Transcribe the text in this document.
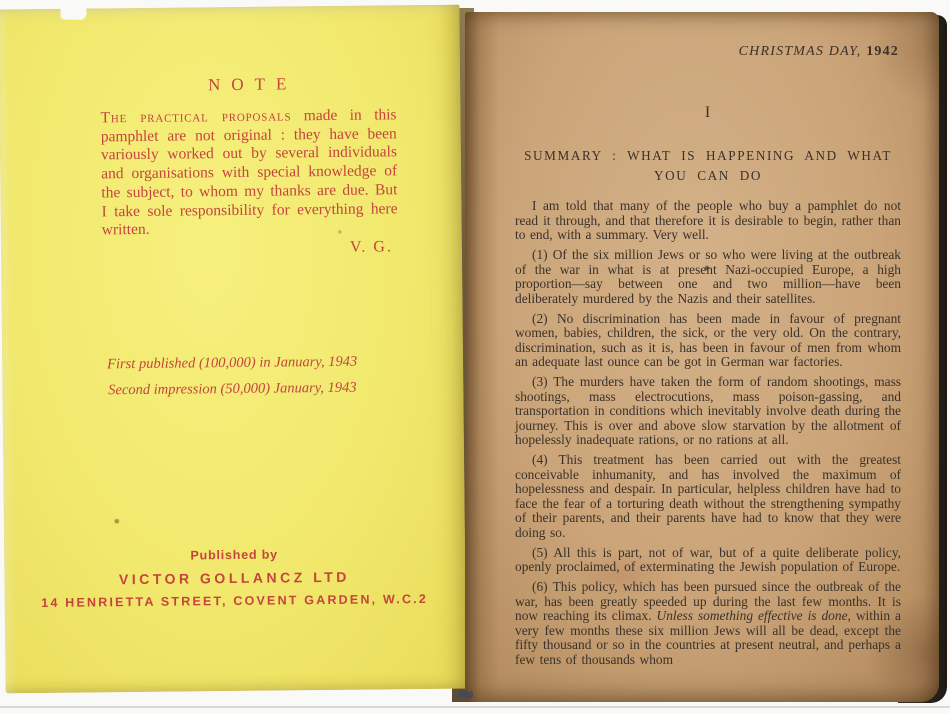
NOTE

The practical proposals made in this pamphlet are not original : they have been variously worked out by several individuals and organisations with special knowledge of the subject, to whom my thanks are due. But I take sole responsibility for everything here written.

V. G.
First published (100,000) in January, 1943
Second impression (50,000) January, 1943
Published by
VICTOR GOLLANCZ LTD
14 HENRIETTA STREET, COVENT GARDEN, W.C.2
CHRISTMAS DAY, 1942
I
SUMMARY : WHAT IS HAPPENING AND WHAT
YOU CAN DO

I am told that many of the people who buy a pamphlet do not read it through, and that therefore it is desirable to begin, rather than to end, with a summary. Very well.

(1) Of the six million Jews or so who were living at the outbreak of the war in what is at present Nazi-occupied Europe, a high proportion—say between one and two million—have been deliberately murdered by the Nazis and their satellites.

(2) No discrimination has been made in favour of pregnant women, babies, children, the sick, or the very old. On the contrary, discrimination, such as it is, has been in favour of men from whom an adequate last ounce can be got in German war factories.

(3) The murders have taken the form of random shootings, mass shootings, mass electrocutions, mass poison-gassing, and transportation in conditions which inevitably involve death during the journey. This is over and above slow starvation by the allotment of hopelessly inadequate rations, or no rations at all.

(4) This treatment has been carried out with the greatest conceivable inhumanity, and has involved the maximum of hopelessness and despair. In particular, helpless children have had to face the fear of a torturing death without the strengthening sympathy of their parents, and their parents have had to know that they were doing so.

(5) All this is part, not of war, but of a quite deliberate policy, openly proclaimed, of exterminating the Jewish population of Europe.

(6) This policy, which has been pursued since the outbreak of the war, has been greatly speeded up during the last few months. It is now reaching its climax. Unless something effective is done, within a very few months these six million Jews will all be dead, except the fifty thousand or so in the countries at present neutral, and perhaps a few tens of thousands whom
